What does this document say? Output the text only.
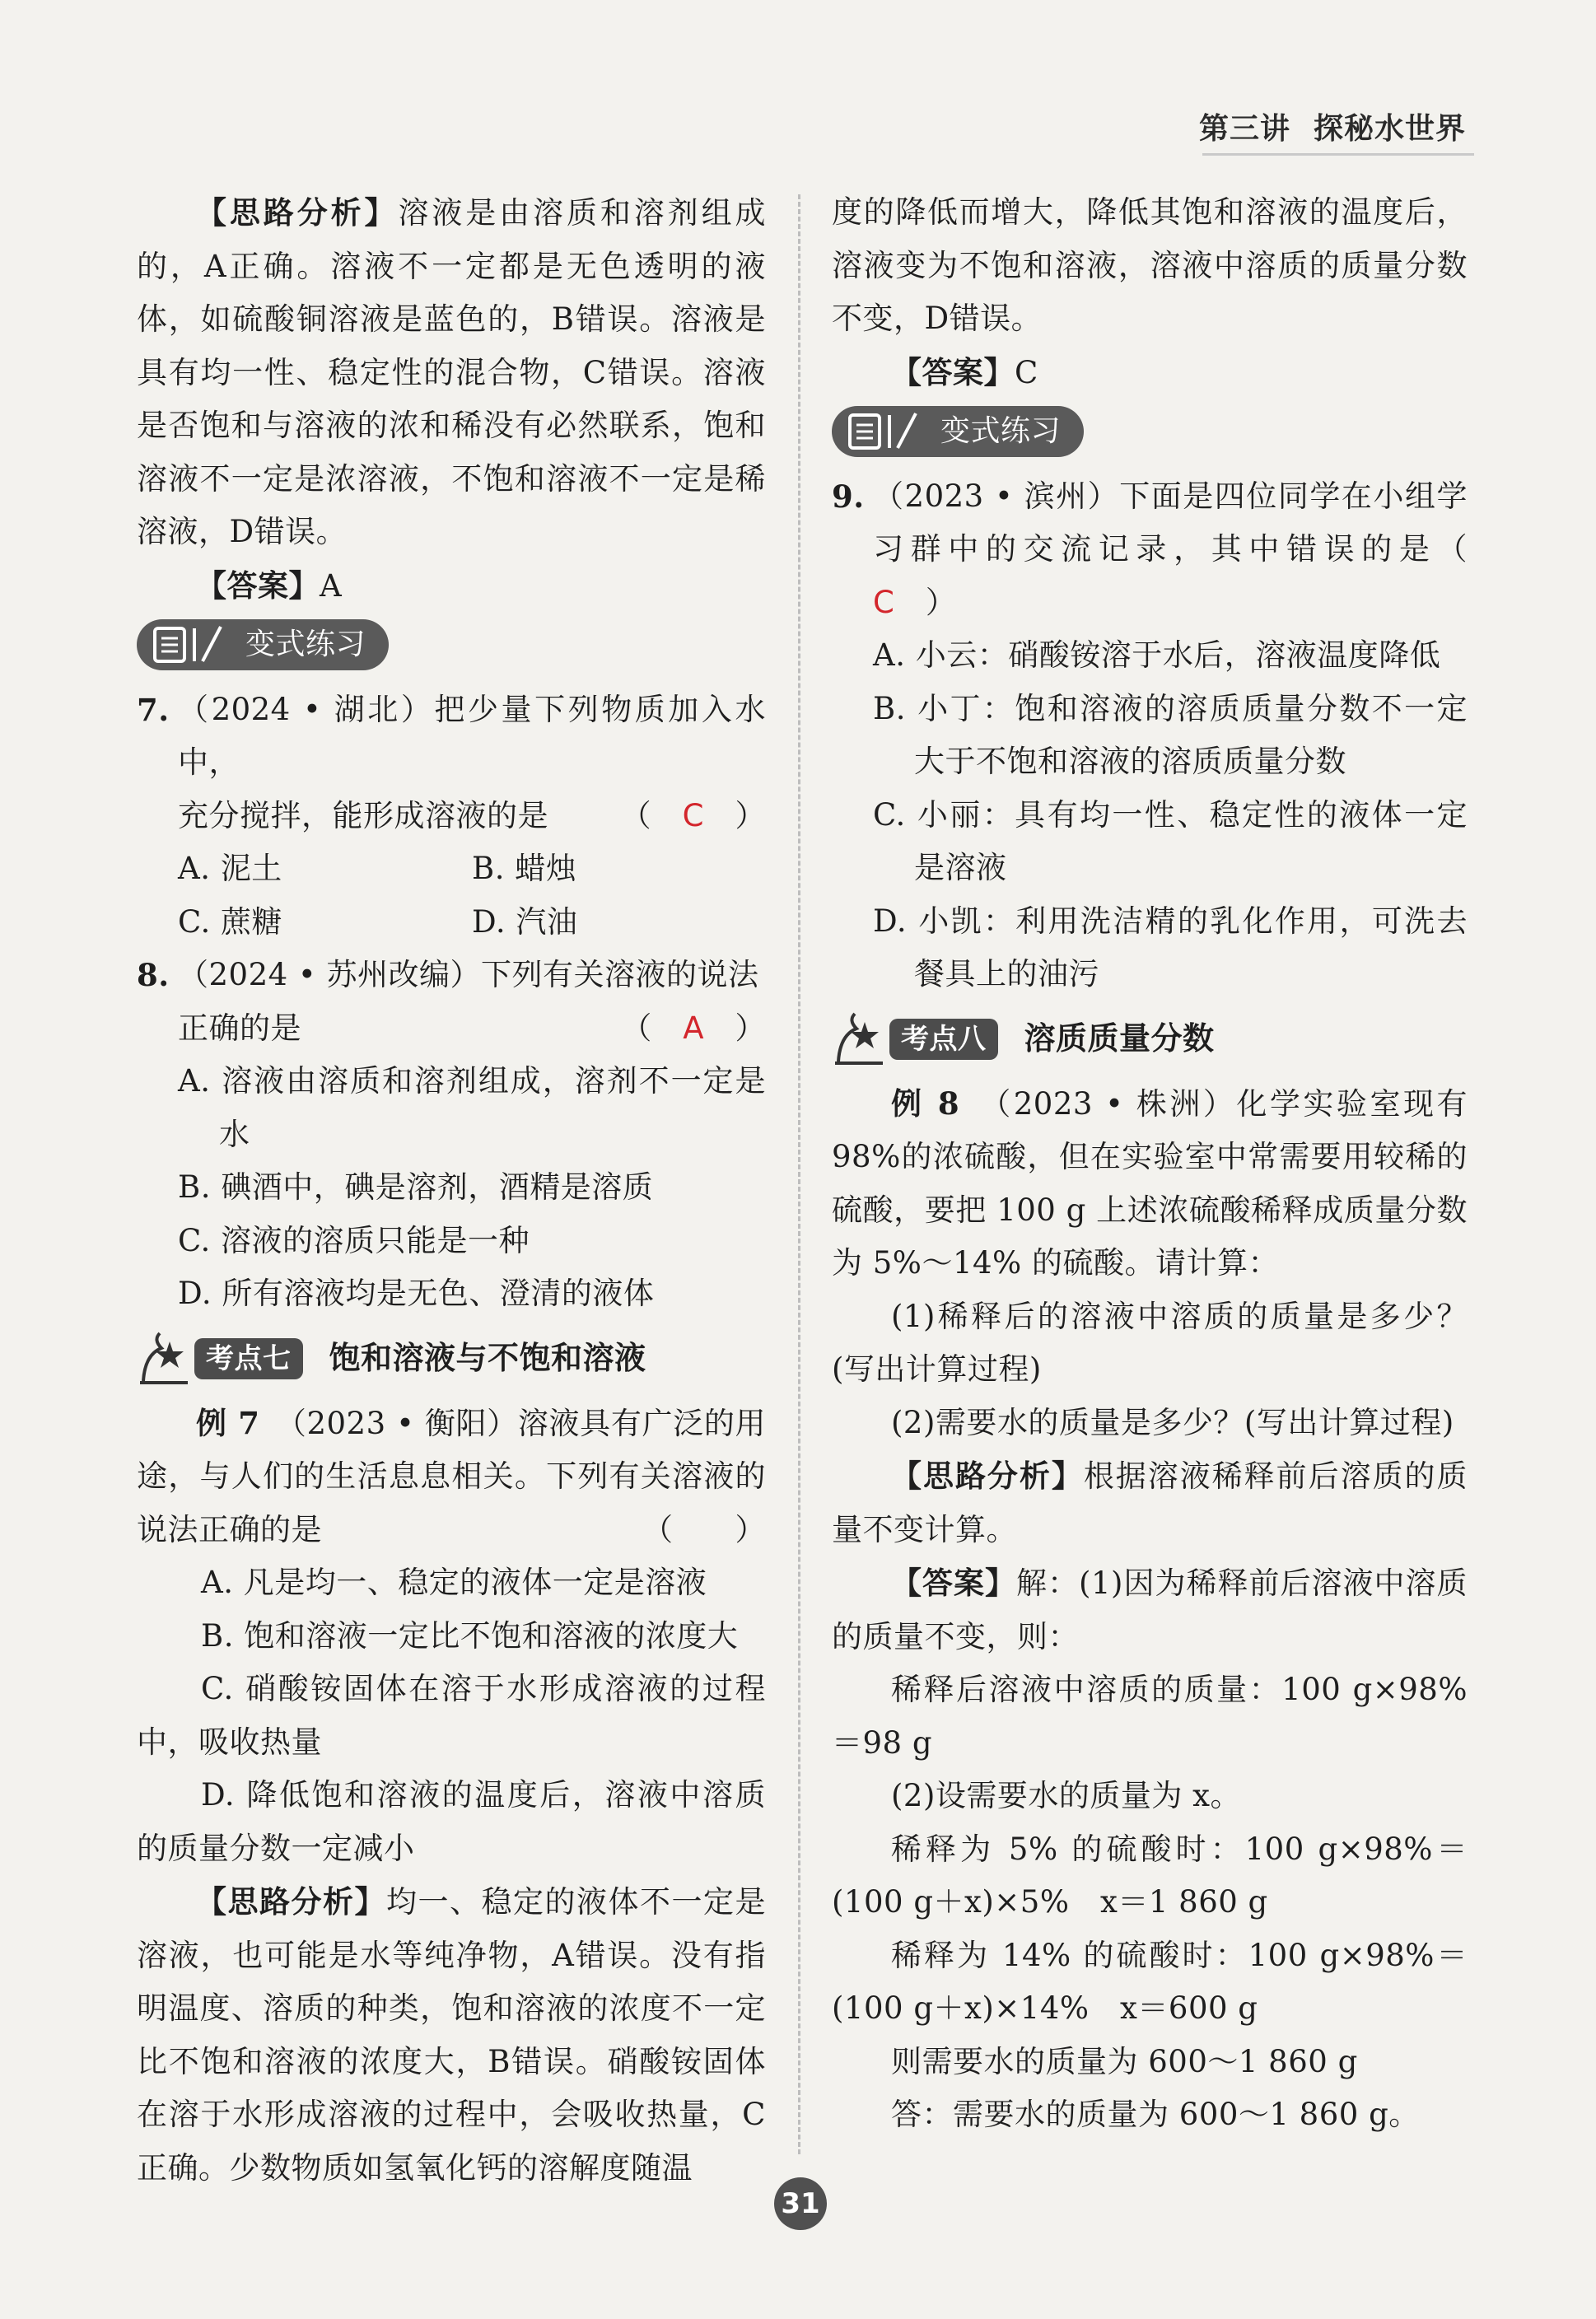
第三讲 探秘水世界

【思路分析】溶液是由溶质和溶剂组成的，A正确。溶液不一定都是无色透明的液体，如硫酸铜溶液是蓝色的，B错误。溶液是具有均一性、稳定性的混合物，C错误。溶液是否饱和与溶液的浓和稀没有必然联系，饱和溶液不一定是浓溶液，不饱和溶液不一定是稀溶液，D错误。

【答案】A

变式练习
7. （2024 • 湖北）把少量下列物质加入水中，
充分搅拌，能形成溶液的是 （　 C　 ）
A. 泥土	B. 蜡烛
C. 蔗糖	D. 汽油
8. （2024 • 苏州改编）下列有关溶液的说法
正确的是	（　 A　 ）

A. 溶液由溶质和溶剂组成，溶剂不一定是水

B. 碘酒中，碘是溶剂，酒精是溶质

C. 溶液的溶质只能是一种

D. 所有溶液均是无色、澄清的液体

考点七	饱和溶液与不饱和溶液

例 7　 （2023 • 衡阳）溶液具有广泛的用途，与人们的生活息息相关。下列有关溶液的说法正确的是	（　　）

A. 凡是均一、稳定的液体一定是溶液

B. 饱和溶液一定比不饱和溶液的浓度大

C. 硝酸铵固体在溶于水形成溶液的过程中，吸收热量

D. 降低饱和溶液的温度后，溶液中溶质的质量分数一定减小

【思路分析】均一、稳定的液体不一定是溶液，也可能是水等纯净物，A错误。没有指明温度、溶质的种类，饱和溶液的浓度不一定比不饱和溶液的浓度大，B错误。硝酸铵固体在溶于水形成溶液的过程中，会吸收热量，C正确。少数物质如氢氧化钙的溶解度随温

度的降低而增大，降低其饱和溶液的温度后，溶液变为不饱和溶液，溶液中溶质的质量分数不变，D错误。

【答案】C

变式练习
9. （2023 • 滨州）下面是四位同学在小组学习群中的交流记录，其中错误的是（　C　 ）

A. 小云：硝酸铵溶于水后，溶液温度降低

B. 小丁：饱和溶液的溶质质量分数不一定大于不饱和溶液的溶质质量分数

C. 小丽：具有均一性、稳定性的液体一定是溶液

D. 小凯：利用洗洁精的乳化作用，可洗去餐具上的油污

考点八	溶质质量分数

例 8　 （2023 • 株洲）化学实验室现有98%的浓硫酸，但在实验室中常需要用较稀的硫酸，要把 100 g 上述浓硫酸稀释成质量分数为 5%～14% 的硫酸。请计算：

(1)稀释后的溶液中溶质的质量是多少？(写出计算过程)

(2)需要水的质量是多少？(写出计算过程)

【思路分析】根据溶液稀释前后溶质的质量不变计算。

【答案】解：(1)因为稀释前后溶液中溶质的质量不变，则：

稀释后溶液中溶质的质量：100 g×98%＝98 g

(2)设需要水的质量为 x。

稀释为 5% 的硫酸时：100 g×98%＝(100 g＋x)×5%　x＝1 860 g

稀释为 14% 的硫酸时：100 g×98%＝(100 g＋x)×14%　x＝600 g

则需要水的质量为 600～1 860 g

答：需要水的质量为 600～1 860 g。

31
